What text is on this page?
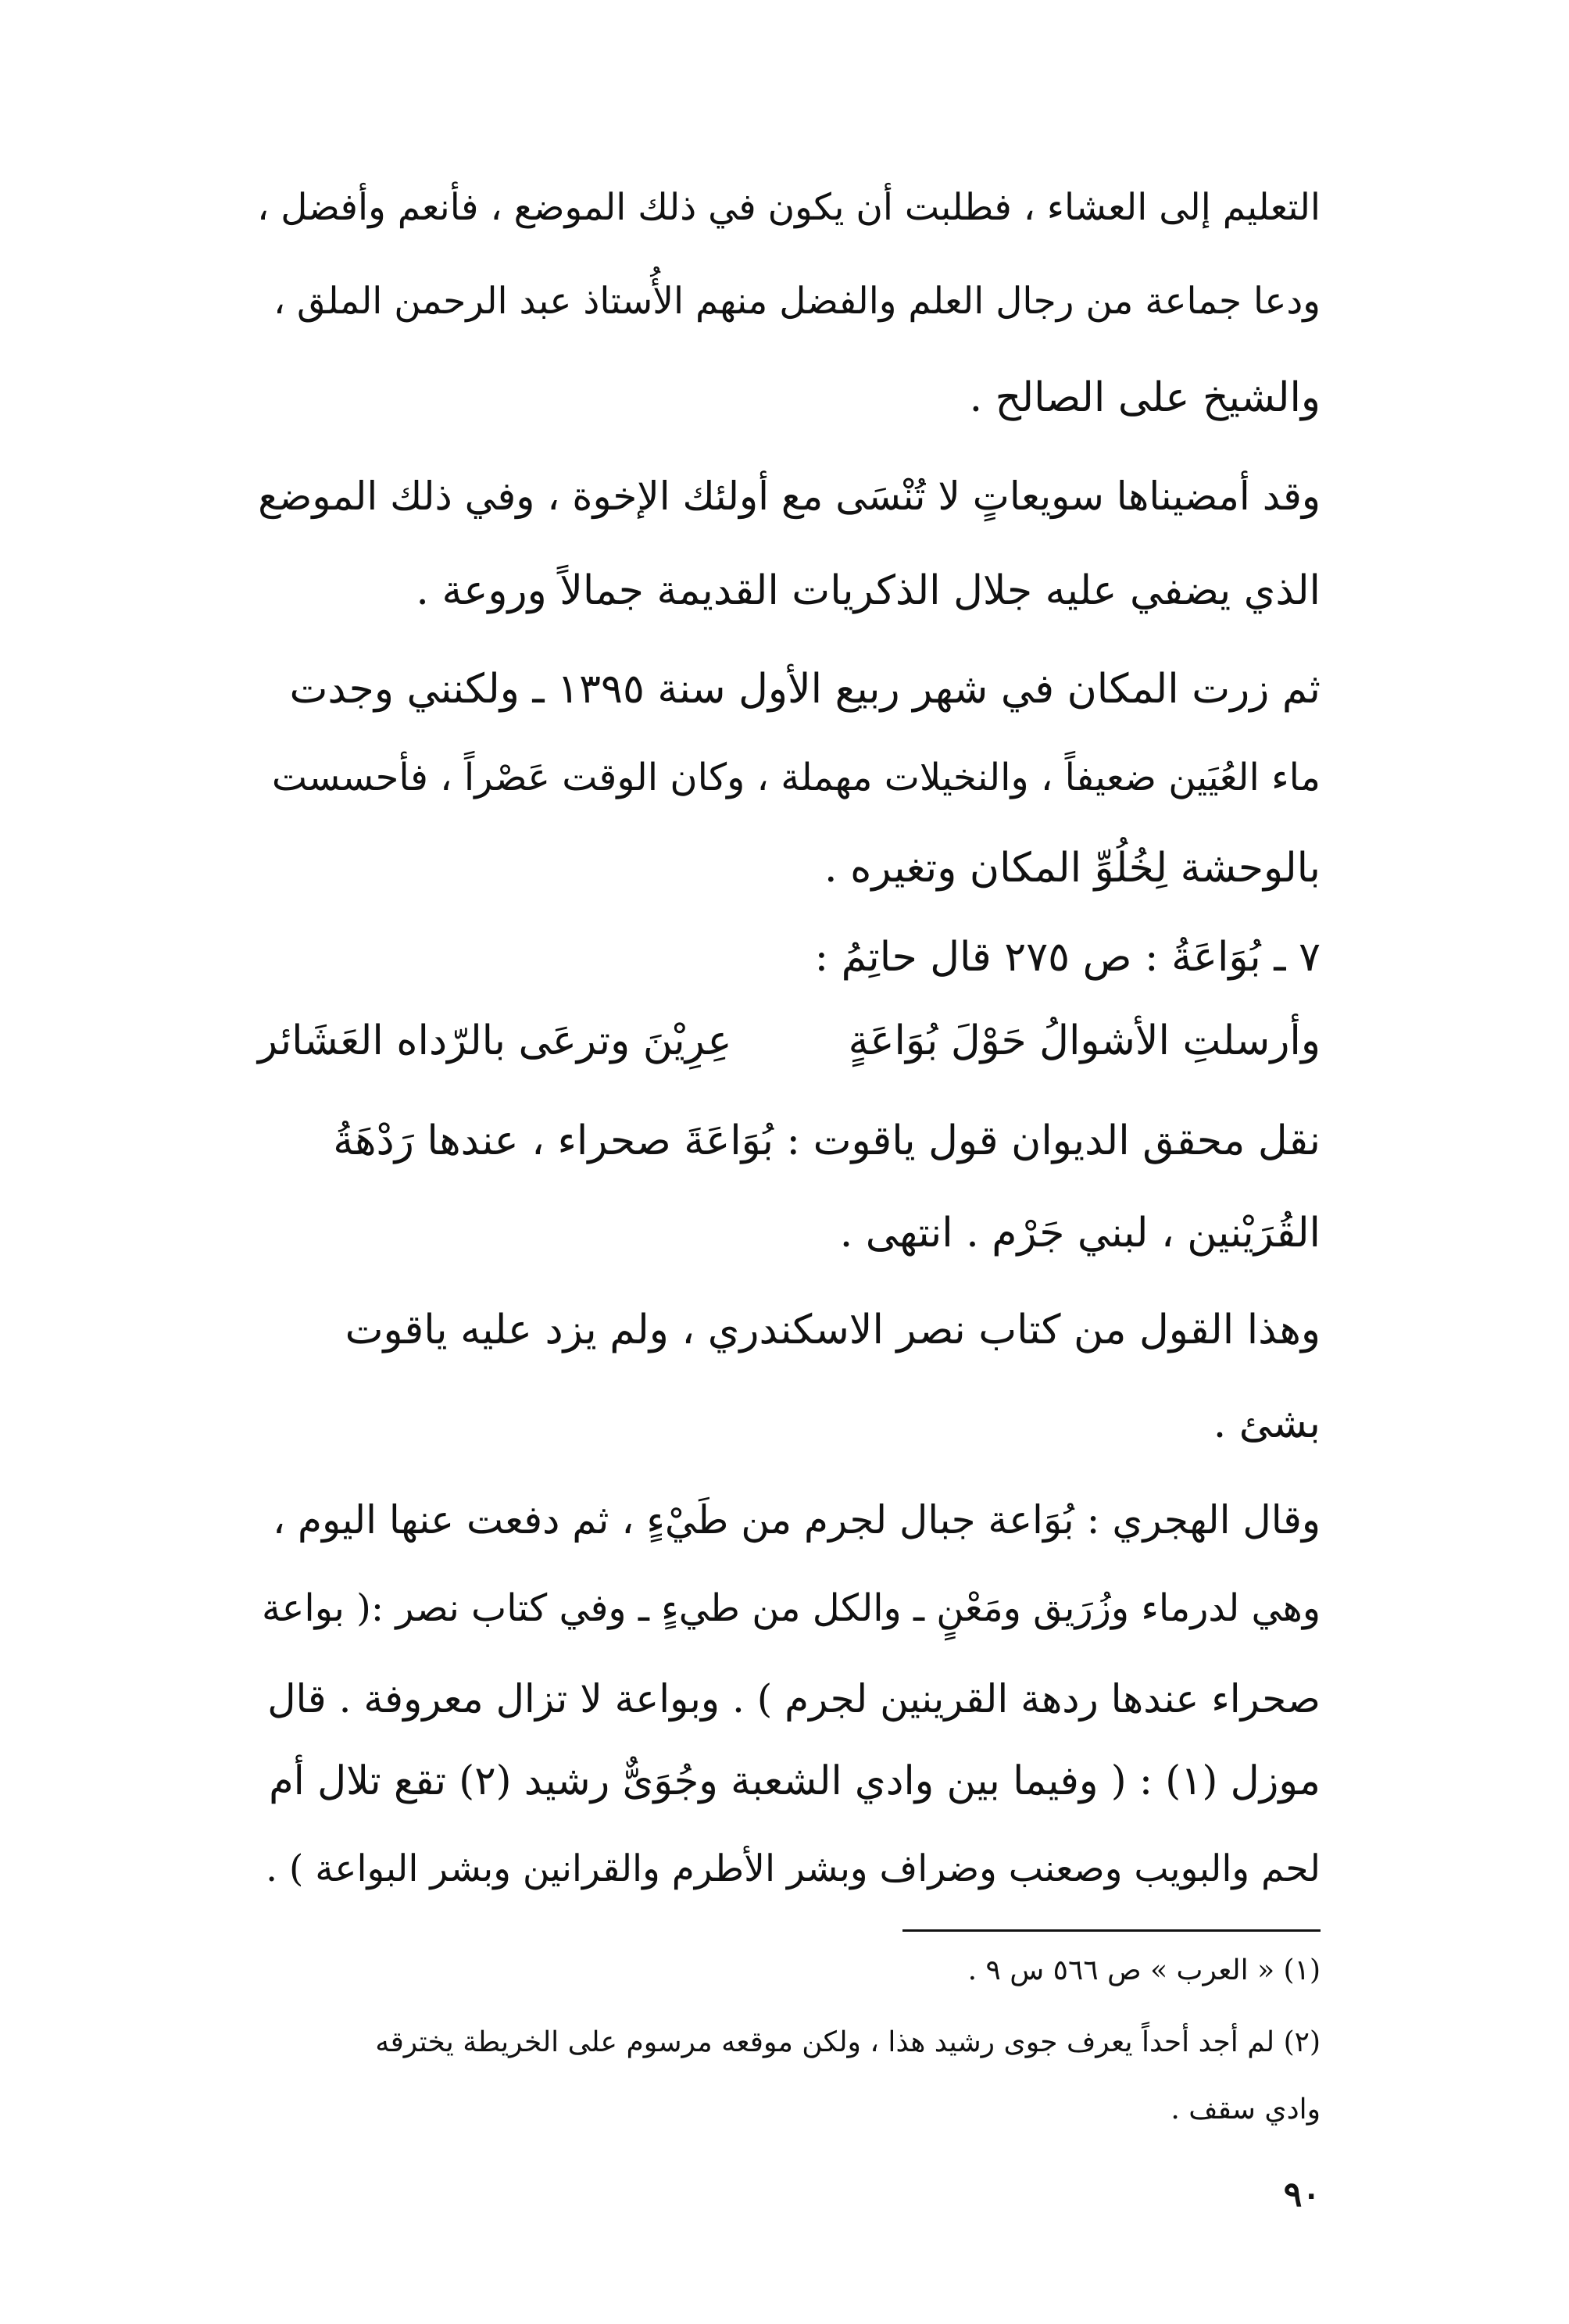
التعليم إلى العشاء ، فطلبت أن يكون في ذلك الموضع ، فأنعم وأفضل ،

ودعا جماعة من رجال العلم والفضل منهم الأُستاذ عبد الرحمن الملق ،

والشيخ على الصالح .

وقد أمضيناها سويعاتٍ لا تُنْسَى مع أولئك الإخوة ، وفي ذلك الموضع

الذي يضفي عليه جلال الذكريات القديمة جمالاً وروعة .

ثم زرت المكان في شهر ربيع الأول سنة ١٣٩٥ ـ ولكنني وجدت

ماء العُيَين ضعيفاً ، والنخيلات مهملة ، وكان الوقت عَصْراً ، فأحسست

بالوحشة لِخُلُوِّ المكان وتغيره .

٧ ـ بُوَاعَةُ : ص ٢٧٥ قال حاتِمُ :

وأرسلتِ الأشوالُ حَوْلَ بُوَاعَةٍ
عِرِيْنَ وترعَى بالرّداه العَشَائر

نقل محقق الديوان قول ياقوت : بُوَاعَةَ صحراء ، عندها رَدْهَةُ

القُرَيْنين ، لبني جَرْم . انتهى .

وهذا القول من كتاب نصر الاسكندري ، ولم يزد عليه ياقوت

بشئ .

وقال الهجري : بُوَاعة جبال لجرم من طَيْءٍ ، ثم دفعت عنها اليوم ،

وهي لدرماء وزُرَيق ومَعْنٍ ـ والكل من طيءٍ ـ وفي كتاب نصر :( بواعة

صحراء عندها ردهة القرينين لجرم ) . وبواعة لا تزال معروفة . قال

موزل (١) : ( وفيما بين وادي الشعبة وجُوَىٌّ رشيد (٢) تقع تلال أم

لحم والبويب وصعنب وضراف وبشر الأطرم والقرانين وبشر البواعة ) .

(١) « العرب » ص ٥٦٦ س ٩ .

(٢) لم أجد أحداً يعرف جوى رشيد هذا ، ولكن موقعه مرسوم على الخريطة يخترقه

وادي سقف .

٩٠
